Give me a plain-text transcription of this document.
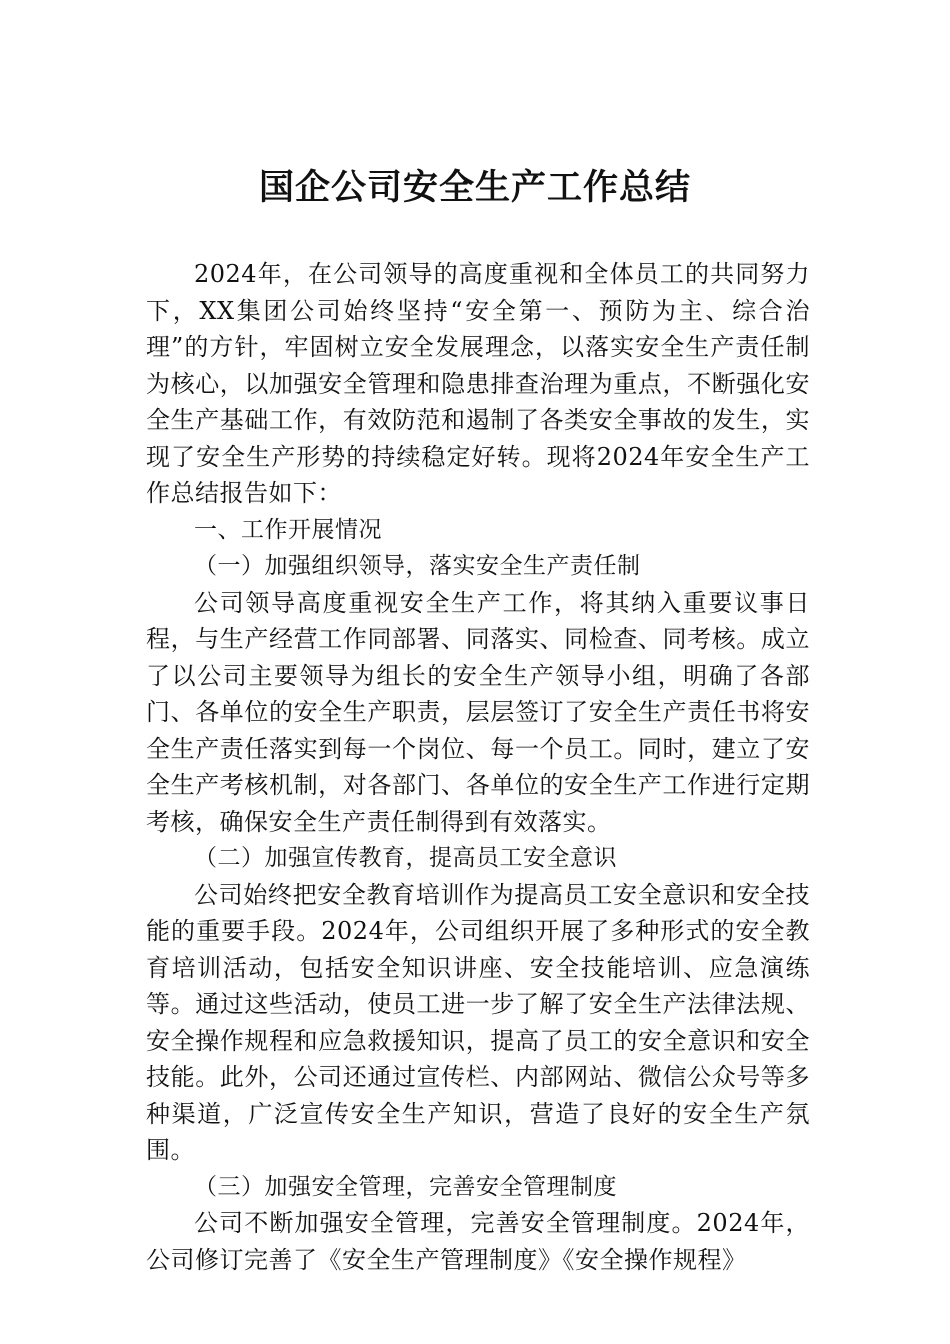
国企公司安全生产工作总结

2024年，在公司领导的高度重视和全体员工的共同努力下，XX集团公司始终坚持“安全第一、预防为主、综合治理”的方针，牢固树立安全发展理念，以落实安全生产责任制为核心，以加强安全管理和隐患排查治理为重点，不断强化安全生产基础工作，有效防范和遏制了各类安全事故的发生，实现了安全生产形势的持续稳定好转。现将2024年安全生产工作总结报告如下：

一、工作开展情况

（一）加强组织领导，落实安全生产责任制

公司领导高度重视安全生产工作，将其纳入重要议事日程，与生产经营工作同部署、同落实、同检查、同考核。成立了以公司主要领导为组长的安全生产领导小组，明确了各部门、各单位的安全生产职责，层层签订了安全生产责任书将安全生产责任落实到每一个岗位、每一个员工。同时，建立了安全生产考核机制，对各部门、各单位的安全生产工作进行定期考核，确保安全生产责任制得到有效落实。

（二）加强宣传教育，提高员工安全意识

公司始终把安全教育培训作为提高员工安全意识和安全技能的重要手段。2024年，公司组织开展了多种形式的安全教育培训活动，包括安全知识讲座、安全技能培训、应急演练等。通过这些活动，使员工进一步了解了安全生产法律法规、安全操作规程和应急救援知识，提高了员工的安全意识和安全技能。此外，公司还通过宣传栏、内部网站、微信公众号等多种渠道，广泛宣传安全生产知识，营造了良好的安全生产氛围。

（三）加强安全管理，完善安全管理制度

公司不断加强安全管理，完善安全管理制度。2024年，公司修订完善了《安全生产管理制度》《安全操作规程》
